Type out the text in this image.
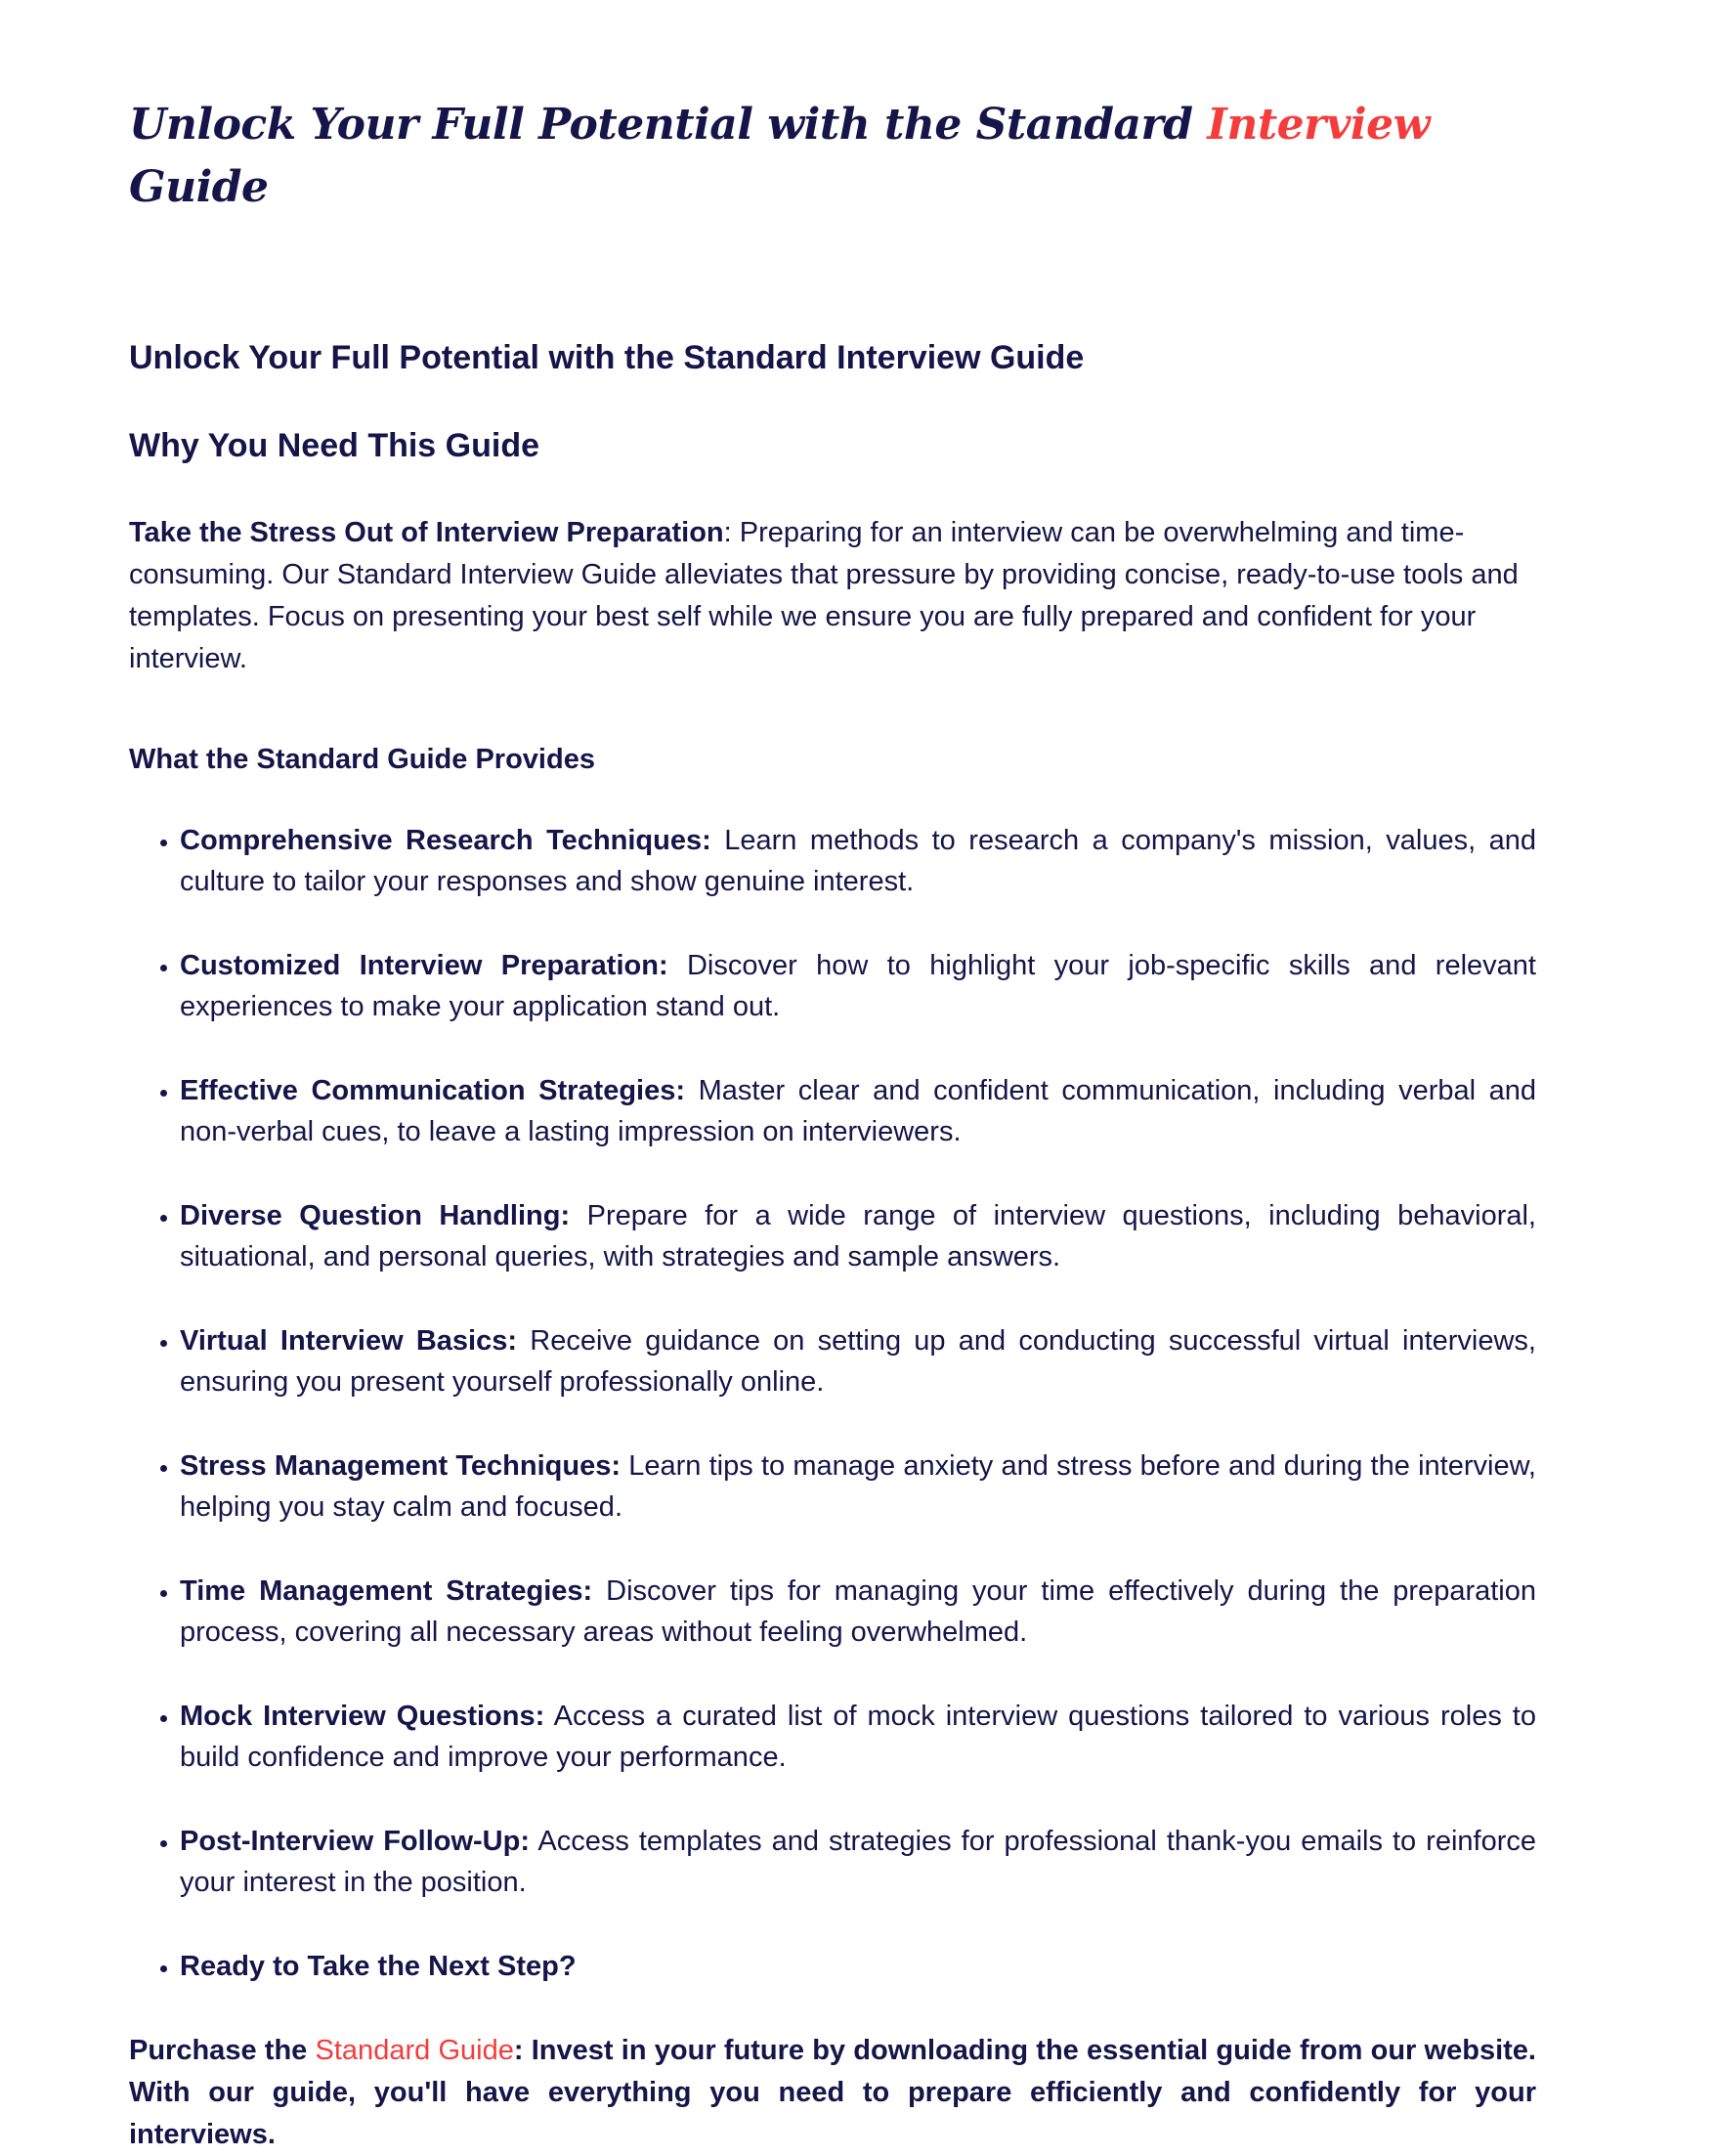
Unlock Your Full Potential with the Standard Interview Guide
Unlock Your Full Potential with the Standard Interview Guide
Why You Need This Guide

Take the Stress Out of Interview Preparation: Preparing for an interview can be overwhelming and time-consuming. Our Standard Interview Guide alleviates that pressure by providing concise, ready-to-use tools and templates. Focus on presenting your best self while we ensure you are fully prepared and confident for your interview.

What the Standard Guide Provides
• Comprehensive Research Techniques: Learn methods to research a company's mission, values, and culture to tailor your responses and show genuine interest.
• Customized Interview Preparation: Discover how to highlight your job-specific skills and relevant experiences to make your application stand out.
• Effective Communication Strategies: Master clear and confident communication, including verbal and non-verbal cues, to leave a lasting impression on interviewers.
• Diverse Question Handling: Prepare for a wide range of interview questions, including behavioral, situational, and personal queries, with strategies and sample answers.
• Virtual Interview Basics: Receive guidance on setting up and conducting successful virtual interviews, ensuring you present yourself professionally online.
• Stress Management Techniques: Learn tips to manage anxiety and stress before and during the interview, helping you stay calm and focused.
• Time Management Strategies: Discover tips for managing your time effectively during the preparation process, covering all necessary areas without feeling overwhelmed.
• Mock Interview Questions: Access a curated list of mock interview questions tailored to various roles to build confidence and improve your performance.
• Post-Interview Follow-Up: Access templates and strategies for professional thank-you emails to reinforce your interest in the position.
• Ready to Take the Next Step?

Purchase the Standard Guide: Invest in your future by downloading the essential guide from our website. With our guide, you'll have everything you need to prepare efficiently and confidently for your interviews.
